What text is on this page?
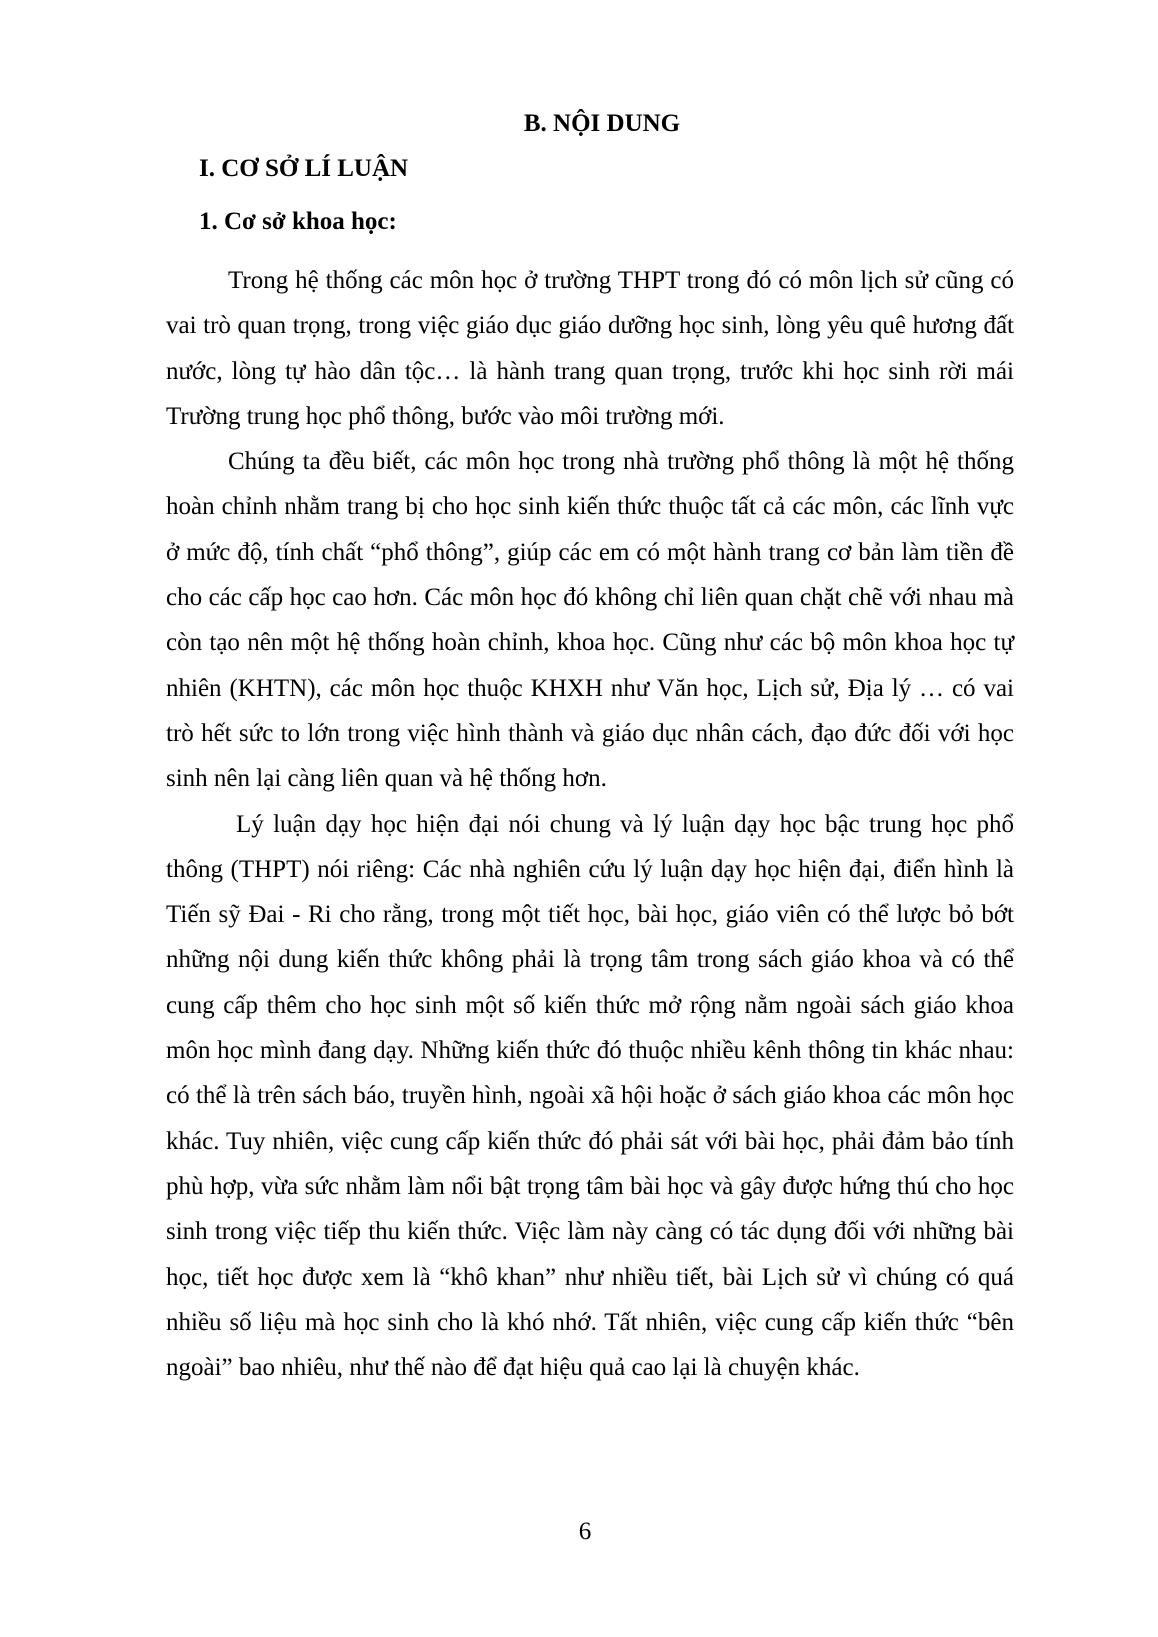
B. NỘI DUNG
I. CƠ SỞ LÍ LUẬN
1. Cơ sở khoa học:

Trong hệ thống các môn học ở trường THPT trong đó có môn lịch sử cũng có vai trò quan trọng, trong việc giáo dục giáo dưỡng học sinh, lòng yêu quê hương đất nước, lòng tự hào dân tộc… là hành trang quan trọng, trước khi học sinh rời mái Trường trung học phổ thông, bước vào môi trường mới.

Chúng ta đều biết, các môn học trong nhà trường phổ thông là một hệ thống hoàn chỉnh nhằm trang bị cho học sinh kiến thức thuộc tất cả các môn, các lĩnh vực ở mức độ, tính chất “phổ thông”, giúp các em có một hành trang cơ bản làm tiền đề cho các cấp học cao hơn. Các môn học đó không chỉ liên quan chặt chẽ với nhau mà còn tạo nên một hệ thống hoàn chỉnh, khoa học. Cũng như các bộ môn khoa học tự nhiên (KHTN), các môn học thuộc KHXH như Văn học, Lịch sử, Địa lý … có vai trò hết sức to lớn trong việc hình thành và giáo dục nhân cách, đạo đức đối với học sinh nên lại càng liên quan và hệ thống hơn.

Lý luận dạy học hiện đại nói chung và lý luận dạy học bậc trung học phổ thông (THPT) nói riêng: Các nhà nghiên cứu lý luận dạy học hiện đại, điển hình là Tiến sỹ Đai - Ri cho rằng, trong một tiết học, bài học, giáo viên có thể lược bỏ bớt những nội dung kiến thức không phải là trọng tâm trong sách giáo khoa và có thể cung cấp thêm cho học sinh một số kiến thức mở rộng nằm ngoài sách giáo khoa môn học mình đang dạy. Những kiến thức đó thuộc nhiều kênh thông tin khác nhau: có thể là trên sách báo, truyền hình, ngoài xã hội hoặc ở sách giáo khoa các môn học khác. Tuy nhiên, việc cung cấp kiến thức đó phải sát với bài học, phải đảm bảo tính phù hợp, vừa sức nhằm làm nổi bật trọng tâm bài học và gây được hứng thú cho học sinh trong việc tiếp thu kiến thức. Việc làm này càng có tác dụng đối với những bài học, tiết học được xem là “khô khan” như nhiều tiết, bài Lịch sử vì chúng có quá nhiều số liệu mà học sinh cho là khó nhớ. Tất nhiên, việc cung cấp kiến thức “bên ngoài” bao nhiêu, như thế nào để đạt hiệu quả cao lại là chuyện khác.

6
